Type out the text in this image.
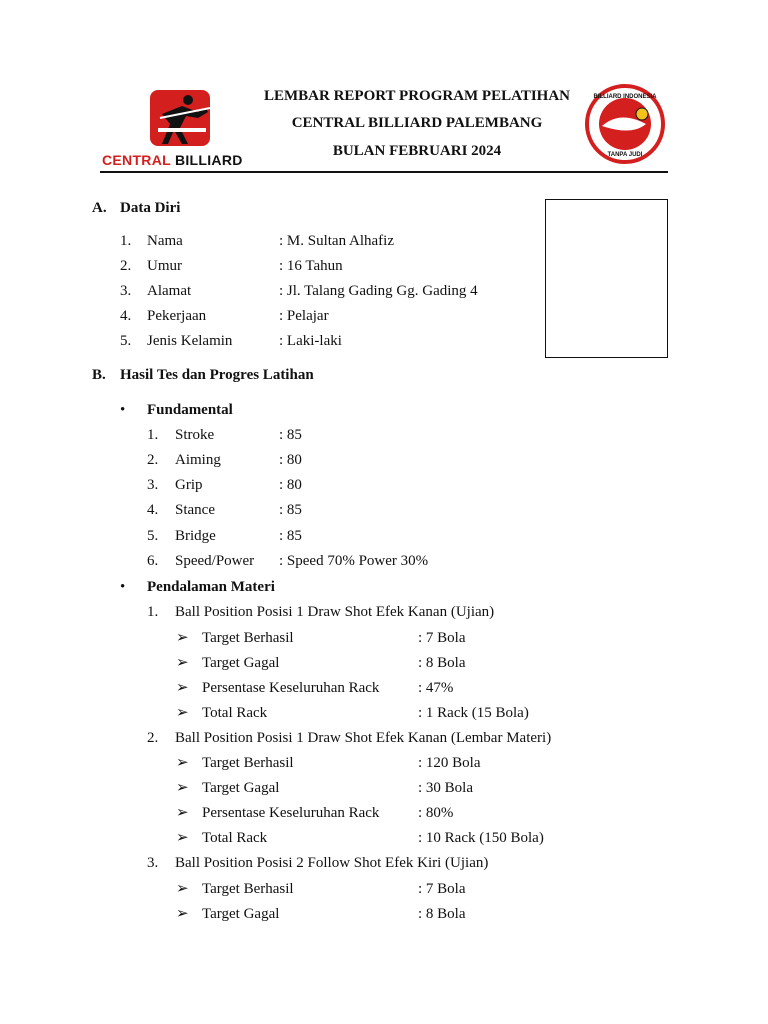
CENTRAL BILLIARD
LEMBAR REPORT PROGRAM PELATIHAN
CENTRAL BILLIARD PALEMBANG
BULAN FEBRUARI 2024
BILLIARD INDONESIA
TANPA JUDI
A. Data Diri
1. Nama	: M. Sultan Alhafiz
2. Umur	: 16 Tahun
3. Alamat	: Jl. Talang Gading Gg. Gading 4
4. Pekerjaan	: Pelajar
5. Jenis Kelamin	: Laki-laki
B. Hasil Tes dan Progres Latihan
• Fundamental
1. Stroke	: 85
2. Aiming	: 80
3. Grip	: 80
4. Stance	: 85
5. Bridge	: 85
6. Speed/Power : Speed 70% Power 30%
• Pendalaman Materi
1. Ball Position Posisi 1 Draw Shot Efek Kanan (Ujian)
➢ Target Berhasil	: 7 Bola
➢ Target Gagal	: 8 Bola
➢ Persentase Keseluruhan Rack	: 47%
➢ Total Rack	: 1 Rack (15 Bola)
2. Ball Position Posisi 1 Draw Shot Efek Kanan (Lembar Materi)
➢ Target Berhasil	: 120 Bola
➢ Target Gagal	: 30 Bola
➢ Persentase Keseluruhan Rack	: 80%
➢ Total Rack	: 10 Rack (150 Bola)
3. Ball Position Posisi 2 Follow Shot Efek Kiri (Ujian)
➢ Target Berhasil	: 7 Bola
➢ Target Gagal	: 8 Bola
